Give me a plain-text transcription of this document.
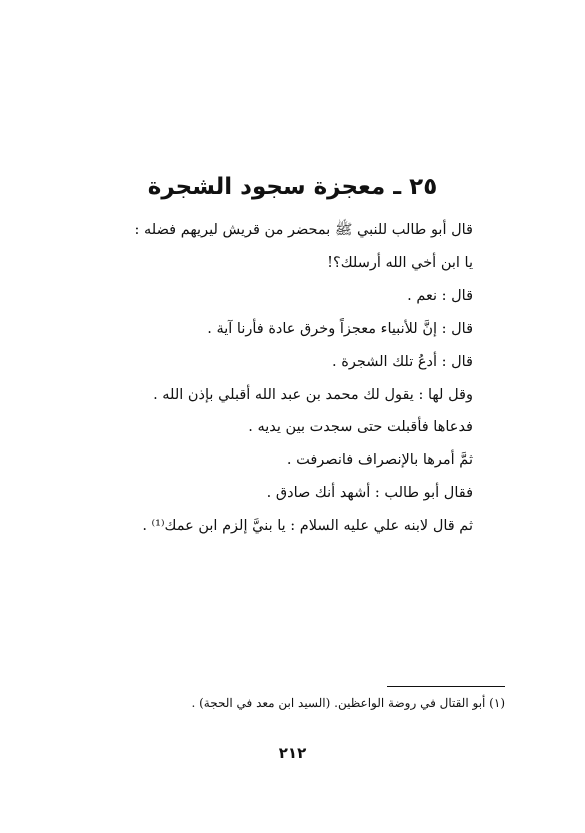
٢٥ ـ معجزة سجود الشجرة
قال أبو طالب للنبي ﷺ بمحضر من قريش ليريهم فضله :
يا ابن أخي الله أرسلك؟!
قال : نعم .
قال : إنَّ للأنبياء معجزاً وخرق عادة فأرنا آية .
قال : أدعُ تلك الشجرة .
وقل لها : يقول لك محمد بن عبد الله أقبلي بإذن الله .
فدعاها فأقبلت حتى سجدت بين يديه .
ثمَّ أمرها بالإنصراف فانصرفت .
فقال أبو طالب : أشهد أنك صادق .
ثم قال لابنه علي عليه السلام : يا بنيَّ إلزم ابن عمك⁽¹⁾ .
(١) أبو القتال في روضة الواعظين. (السيد ابن معد في الحجة) .
٢١٢
